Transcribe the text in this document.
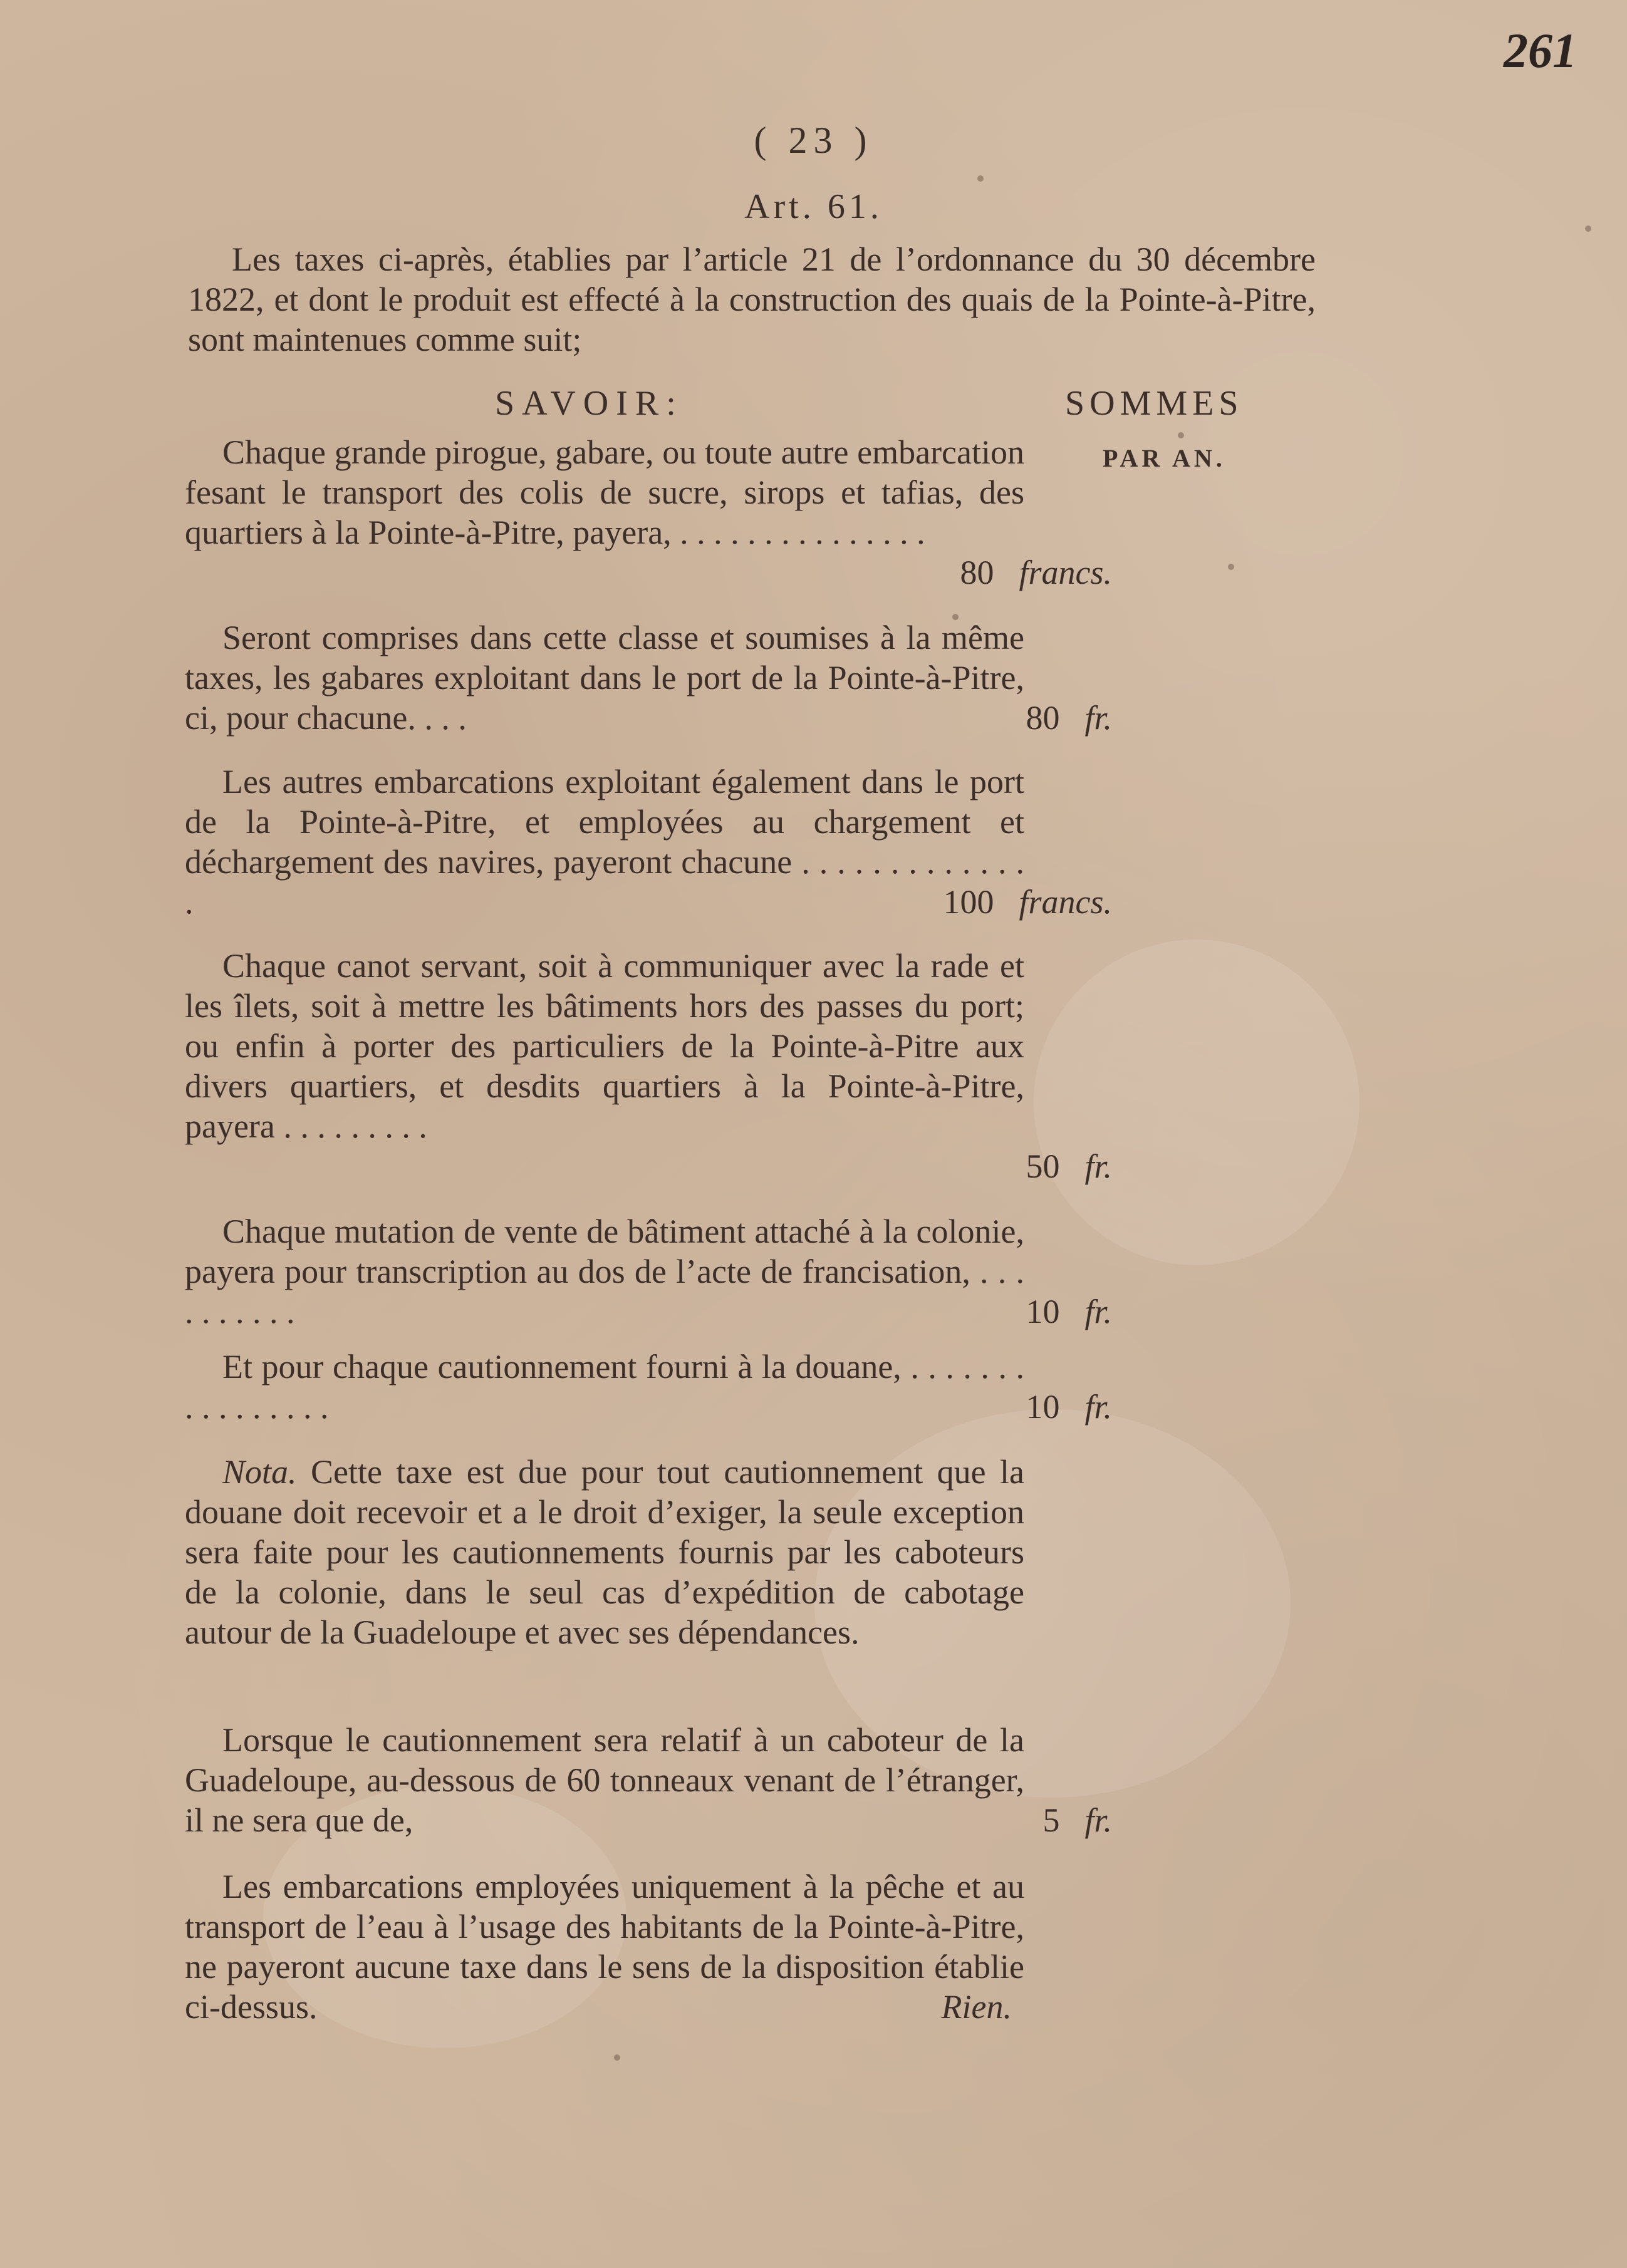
261
( 23 )
Art. 61.
Les taxes ci-après, établies par l’article 21 de l’ordonnance du 30 décembre 1822, et dont le produit est effecté à la construction des quais de la Pointe-à-Pitre, sont maintenues comme suit;
SAVOIR:	SOMMES
PAR AN.
Chaque grande pirogue, gabare, ou toute autre embarcation fesant le transport des colis de sucre, sirops et tafias, des quartiers à la Pointe-à-Pitre, payera, . . . . . . . . . . . . . . .
80 francs.
Seront comprises dans cette classe et soumises à la même taxes, les gabares exploitant dans le port de la Pointe-à-Pitre, ci, pour chacune. . . .	80 fr.
Les autres embarcations exploitant également dans le port de la Pointe-à-Pitre, et employées au chargement et déchargement des navires, payeront chacune . . . . . . . . . . . . . .	100 francs.
Chaque canot servant, soit à communiquer avec la rade et les îlets, soit à mettre les bâtiments hors des passes du port; ou enfin à porter des particuliers de la Pointe-à-Pitre aux divers quartiers, et desdits quartiers à la Pointe-à-Pitre, payera . . . . . . . . .
50 fr.
Chaque mutation de vente de bâtiment attaché à la colonie, payera pour transcription au dos de l’acte de francisation, . . . . . . . . . .	10 fr.
Et pour chaque cautionnement fourni à la douane, . . . . . . . . . . . . . . . .	10 fr.
Nota. Cette taxe est due pour tout cautionnement que la douane doit recevoir et a le droit d’exiger, la seule exception sera faite pour les cautionnements fournis par les caboteurs de la colonie, dans le seul cas d’expédition de cabotage autour de la Guadeloupe et avec ses dépendances.
Lorsque le cautionnement sera relatif à un caboteur de la Guadeloupe, au-dessous de 60 tonneaux venant de l’étranger, il ne sera que de,	5 fr.
Les embarcations employées uniquement à la pêche et au transport de l’eau à l’usage des habitants de la Pointe-à-Pitre, ne payeront aucune taxe dans le sens de la disposition établie ci-dessus.	Rien.
